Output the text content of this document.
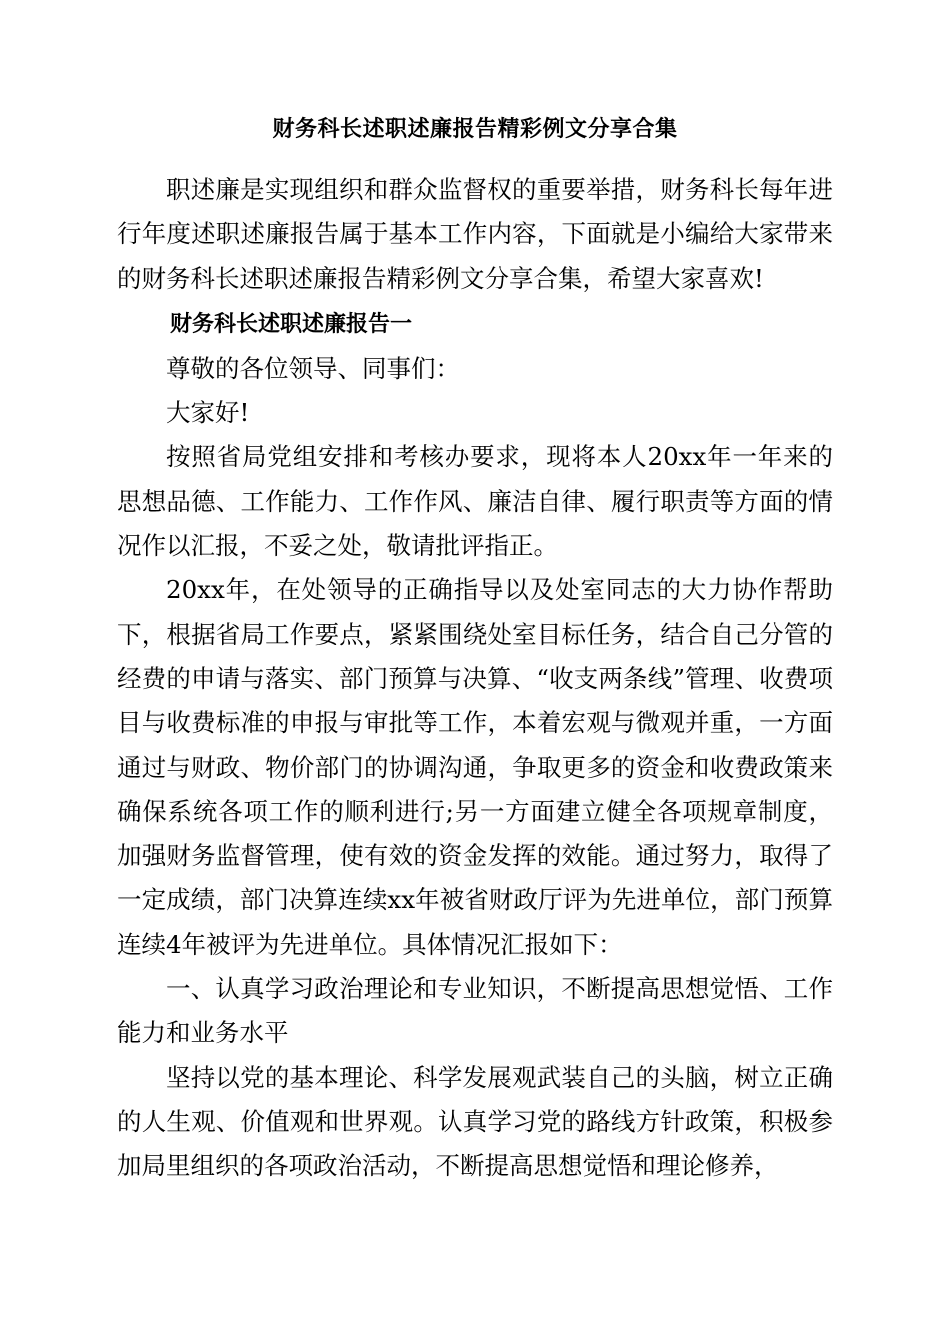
财务科长述职述廉报告精彩例文分享合集

职述廉是实现组织和群众监督权的重要举措，财务科长每年进行年度述职述廉报告属于基本工作内容，下面就是小编给大家带来的财务科长述职述廉报告精彩例文分享合集，希望大家喜欢!

财务科长述职述廉报告一

尊敬的各位领导、同事们：

大家好!

按照省局党组安排和考核办要求，现将本人20xx年一年来的思想品德、工作能力、工作作风、廉洁自律、履行职责等方面的情况作以汇报，不妥之处，敬请批评指正。

20xx年，在处领导的正确指导以及处室同志的大力协作帮助下，根据省局工作要点，紧紧围绕处室目标任务，结合自己分管的经费的申请与落实、部门预算与决算、“收支两条线”管理、收费项目与收费标准的申报与审批等工作，本着宏观与微观并重，一方面通过与财政、物价部门的协调沟通，争取更多的资金和收费政策来确保系统各项工作的顺利进行;另一方面建立健全各项规章制度，加强财务监督管理，使有效的资金发挥的效能。通过努力，取得了一定成绩，部门决算连续xx年被省财政厅评为先进单位，部门预算连续4年被评为先进单位。具体情况汇报如下：

一、认真学习政治理论和专业知识，不断提高思想觉悟、工作能力和业务水平

坚持以党的基本理论、科学发展观武装自己的头脑，树立正确的人生观、价值观和世界观。认真学习党的路线方针政策，积极参加局里组织的各项政治活动，不断提高思想觉悟和理论修养，
